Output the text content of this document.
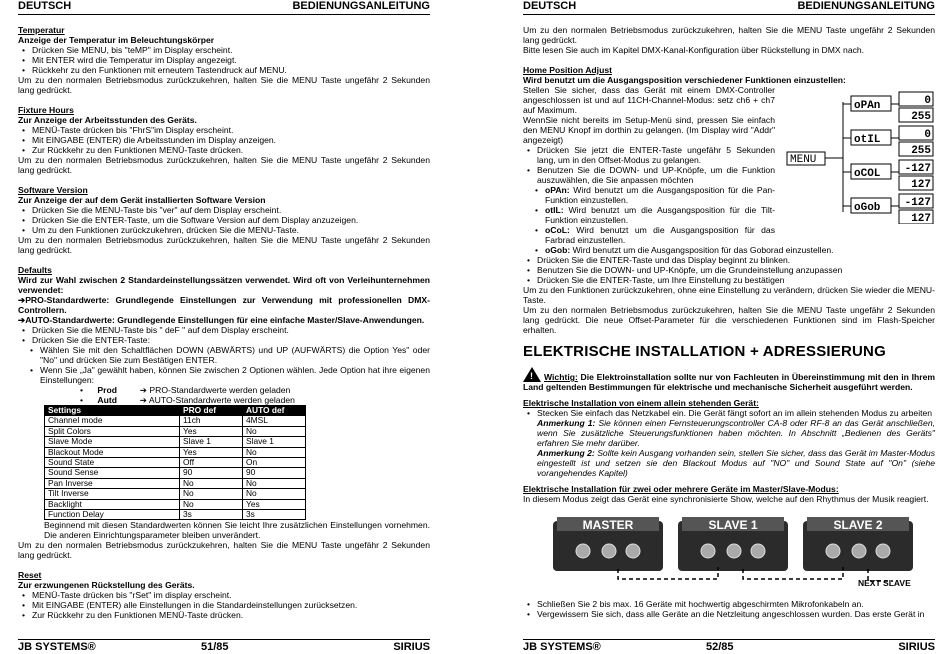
DEUTSCH	BEDIENUNGSANLEITUNG
Temperatur
Anzeige der Temperatur im Beleuchtungskörper
• Drücken Sie MENU, bis "teMP" im Display erscheint.
• Mit ENTER wird die Temperatur im Display angezeigt.
• Rückkehr zu den Funktionen mit erneutem Tastendruck auf MENU.
Um zu den normalen Betriebsmodus zurückzukehren, halten Sie die MENU Taste ungefähr 2 Sekunden lang gedrückt.
Fixture Hours
Zur Anzeige der Arbeitsstunden des Geräts.
• MENÜ-Taste drücken bis "FhrS"im Display erscheint.
• Mit EINGABE (ENTER) die Arbeitsstunden im Display anzeigen.
• Zur Rückkehr zu den Funktionen MENÜ-Taste drücken.
Um zu den normalen Betriebsmodus zurückzukehren, halten Sie die MENU Taste ungefähr 2 Sekunden lang gedrückt.
Software Version
Zur Anzeige der auf dem Gerät installierten Software Version
• Drücken Sie die MENU-Taste bis "ver" auf dem Display erscheint.
• Drücken Sie die ENTER-Taste, um die Software Version auf dem Display anzuzeigen.
• Um zu den Funktionen zurückzukehren, drücken Sie die MENU-Taste.
Um zu den normalen Betriebsmodus zurückzukehren, halten Sie die MENU Taste ungefähr 2 Sekunden lang gedrückt.
Defaults
Wird zur Wahl zwischen 2 Standardeinstellungssätzen verwendet. Wird oft von Verleihunternehmen verwendet:
➔PRO-Standardwerte: Grundlegende Einstellungen zur Verwendung mit professionellen DMX-Controllern.
➔AUTO-Standardwerte: Grundlegende Einstellungen für eine einfache Master/Slave-Anwendungen.
• Drücken Sie die MENU-Taste bis " deF " auf dem Display erscheint.
• Drücken Sie die ENTER-Taste:
• Wählen Sie mit den Schaltflächen DOWN (ABWÄRTS) und UP (AUFWÄRTS) die Option Yes" oder "No" und drücken Sie zum Bestätigen ENTER.
• Wenn Sie „Ja" gewählt haben, können Sie zwischen 2 Optionen wählen. Jede Option hat ihre eigenen Einstellungen:
• Prod	➔ PRO-Standardwerte werden geladen
• Autd	➔ AUTO-Standardwerte werden geladen
Settings	PRO def	AUTO def
Channel mode	11ch	4MSL
Split Colors	Yes	No
Slave Mode	Slave 1	Slave 1
Blackout Mode	Yes	No
Sound State	Off	On
Sound Sense	90	90
Pan Inverse	No	No
Tilt Inverse	No	No
Backlight	No	Yes
Function Delay	3s	3s
Beginnend mit diesen Standardwerten können Sie leicht Ihre zusätzlichen Einstellungen vornehmen. Die anderen Einrichtungsparameter bleiben unverändert.
Um zu den normalen Betriebsmodus zurückzukehren, halten Sie die MENU Taste ungefähr 2 Sekunden lang gedrückt.
Reset
Zur erzwungenen Rückstellung des Geräts.
• MENÜ-Taste drücken bis "rSet" im display erscheint.
• Mit EINGABE (ENTER) alle Einstellungen in die Standardeinstellungen zurücksetzen.
• Zur Rückkehr zu den Funktionen MENÜ-Taste drücken.
JB SYSTEMS®	51/85	SIRIUS
DEUTSCH	BEDIENUNGSANLEITUNG
Um zu den normalen Betriebsmodus zurückzukehren, halten Sie die MENU Taste ungefähr 2 Sekunden lang gedrückt.
Bitte lesen Sie auch im Kapitel DMX-Kanal-Konfiguration über Rückstellung in DMX nach.
Home Position Adjust
Wird benutzt um die Ausgangsposition verschiedener Funktionen einzustellen:
Stellen Sie sicher, dass das Gerät mit einem DMX-Controller angeschlossen ist und auf 11CH-Channel-Modus: setz ch6 + ch7 auf Maximum.
WennSie nicht bereits im Setup-Menü sind, pressen Sie einfach den MENU Knopf im dorthin zu gelangen. (Im Display wird "Addr" angezeigt)
• Drücken Sie jetzt die ENTER-Taste ungefähr 5 Sekunden lang, um in den Offset-Modus zu gelangen.
• Benutzen Sie die DOWN- und UP-Knöpfe, um die Funktion auszuwählen, die Sie anpassen möchten
• oPAn: Wird benutzt um die Ausgangsposition für die Pan-Funktion einzustellen.
• otIL: Wird benutzt um die Ausgangsposition für die Tilt-Funktion einzustellen.
• oCoL: Wird benutzt um die Ausgangsposition für das Farbrad einzustellen.
• oGob: Wird benutzt um die Ausgangsposition für das Goborad einzustellen.
• Drücken Sie die ENTER-Taste und das Display beginnt zu blinken.
• Benutzen Sie die DOWN- und UP-Knöpfe, um die Grundeinstellung anzupassen
• Drücken Sie die ENTER-Taste, um Ihre Einstellung zu bestätigen
Um zu den Funktionen zurückzukehren, ohne eine Einstellung zu verändern, drücken Sie wieder die MENU-Taste.
Um zu den normalen Betriebsmodus zurückzukehren, halten Sie die MENU Taste ungefähr 2 Sekunden lang gedrückt. Die neue Offset-Parameter für die verschiedenen Funktionen sind im Flash-Speicher erhalten.
ELEKTRISCHE INSTALLATION + ADRESSIERUNG
!Wichtig: Die Elektroinstallation sollte nur von Fachleuten in Übereinstimmung mit den in Ihrem Land geltenden Bestimmungen für elektrische und mechanische Sicherheit ausgeführt werden.
Elektrische Installation von einem allein stehenden Gerät:
• Stecken Sie einfach das Netzkabel ein. Die Gerät fängt sofort an im allein stehenden Modus zu arbeiten
Anmerkung 1: Sie können einen Fernsteuerungscontroller CA-8 oder RF-8 an das Gerät anschließen, wenn Sie zusätzliche Steuerungsfunktionen haben möchten. In Abschnitt „Bedienen des Geräts" erfahren Sie mehr darüber.
Anmerkung 2: Sollte kein Ausgang vorhanden sein, stellen Sie sicher, dass das Gerät im Master-Modus eingestellt ist und setzen sie den Blackout Modus auf "NO" und Sound State auf "On" (siehe vorangehendes Kapitel)
Elektrische Installation für zwei oder mehrere Geräte im Master/Slave-Modus:
In diesem Modus zeigt das Gerät eine synchronisierte Show, welche auf den Rhythmus der Musik reagiert.
MENU
oPAn	0
255
otIL	0
255
oCOL -127
127
oGob -127
127
MASTER	SLAVE 1	SLAVE 2
NEXT SLAVE
• Schließen Sie 2 bis max. 16 Geräte mit hochwertig abgeschirmten Mikrofonkabeln an.
• Vergewissern Sie sich, dass alle Geräte an die Netzleitung angeschlossen wurden. Das erste Gerät in
JB SYSTEMS®	52/85	SIRIUS
